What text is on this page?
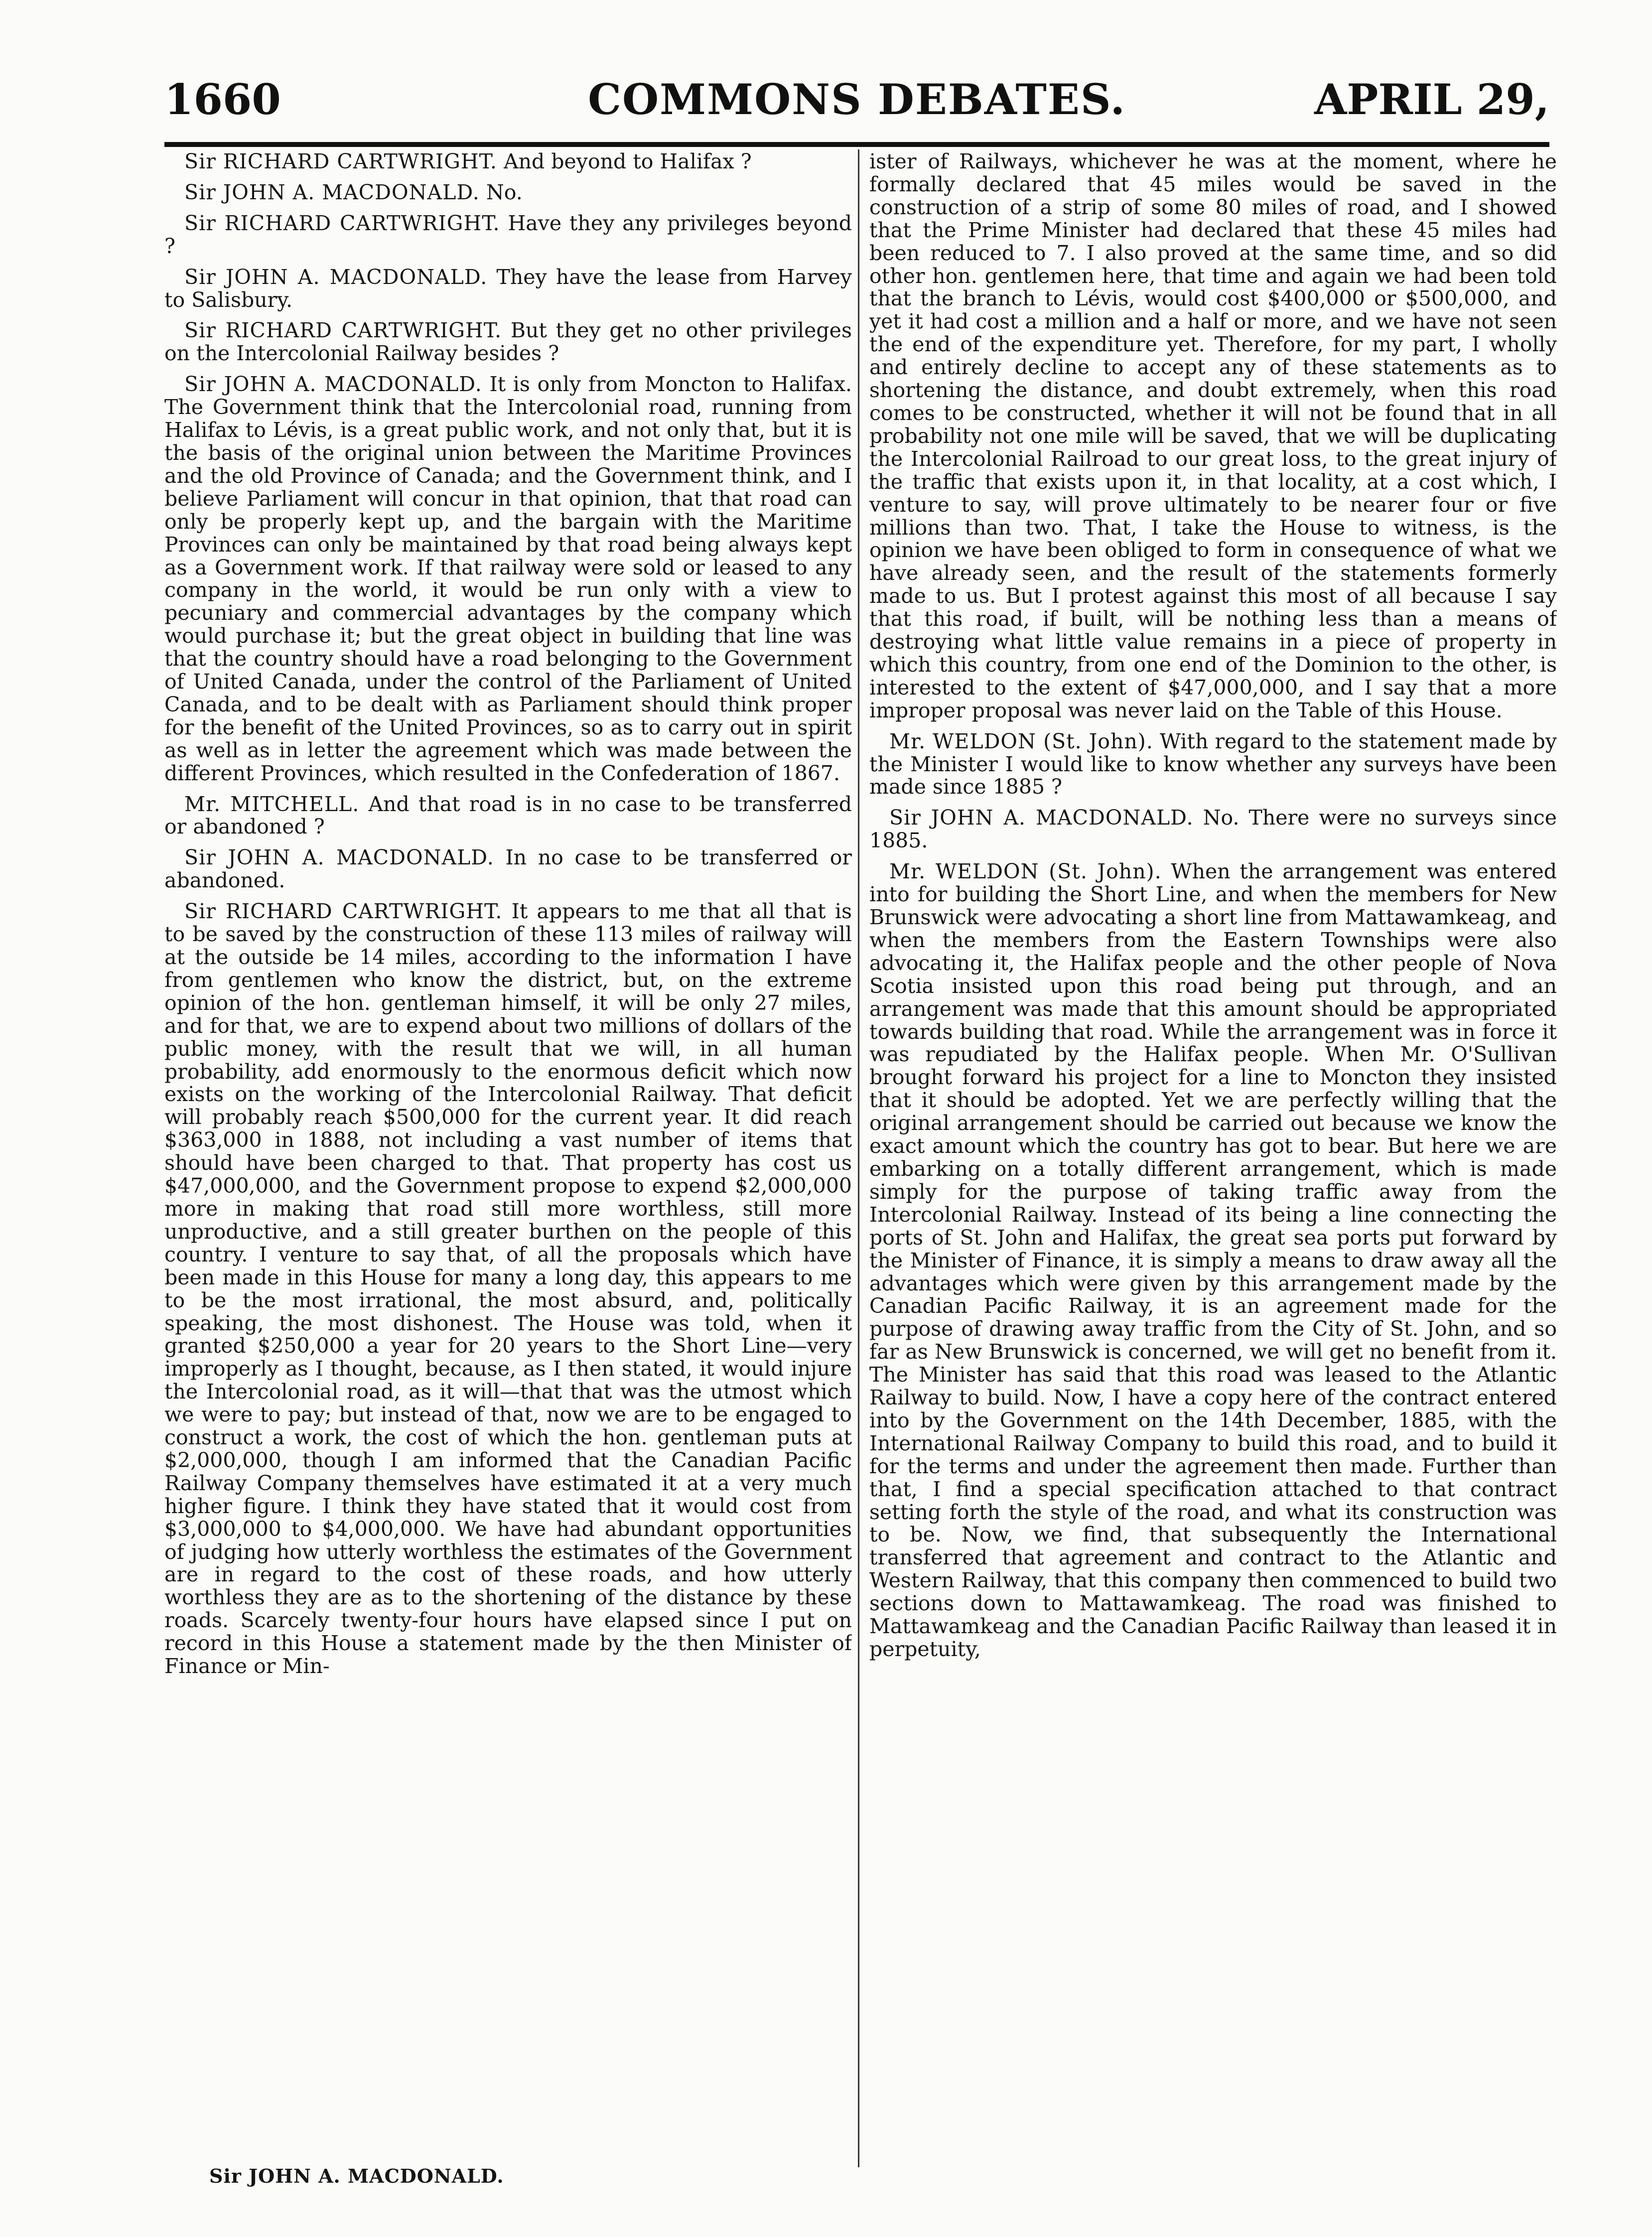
1660	COMMONS DEBATES.	APRIL 29,

Sir RICHARD CARTWRIGHT. And beyond to Halifax ?

Sir JOHN A. MACDONALD. No.

Sir RICHARD CARTWRIGHT. Have they any privileges beyond ?

Sir JOHN A. MACDONALD. They have the lease from Harvey to Salisbury.

Sir RICHARD CARTWRIGHT. But they get no other privileges on the Intercolonial Railway besides ?

Sir JOHN A. MACDONALD. It is only from Moncton to Halifax. The Government think that the Intercolonial road, running from Halifax to Lévis, is a great public work, and not only that, but it is the basis of the original union between the Maritime Provinces and the old Province of Canada; and the Government think, and I believe Parliament will concur in that opinion, that that road can only be properly kept up, and the bargain with the Maritime Provinces can only be maintained by that road being always kept as a Government work. If that railway were sold or leased to any company in the world, it would be run only with a view to pecuniary and commercial advantages by the company which would purchase it; but the great object in building that line was that the country should have a road belonging to the Government of United Canada, under the control of the Parliament of United Canada, and to be dealt with as Parliament should think proper for the benefit of the United Provinces, so as to carry out in spirit as well as in letter the agreement which was made between the different Provinces, which resulted in the Confederation of 1867.

Mr. MITCHELL. And that road is in no case to be transferred or abandoned ?

Sir JOHN A. MACDONALD. In no case to be transferred or abandoned.

Sir RICHARD CARTWRIGHT. It appears to me that all that is to be saved by the construction of these 113 miles of railway will at the outside be 14 miles, according to the information I have from gentlemen who know the district, but, on the extreme opinion of the hon. gentleman himself, it will be only 27 miles, and for that, we are to expend about two millions of dollars of the public money, with the result that we will, in all human probability, add enormously to the enormous deficit which now exists on the working of the Intercolonial Railway. That deficit will probably reach $500,000 for the current year. It did reach $363,000 in 1888, not including a vast number of items that should have been charged to that. That property has cost us $47,000,000, and the Government propose to expend $2,000,000 more in making that road still more worthless, still more unproductive, and a still greater burthen on the people of this country. I venture to say that, of all the proposals which have been made in this House for many a long day, this appears to me to be the most irrational, the most absurd, and, politically speaking, the most dishonest. The House was told, when it granted $250,000 a year for 20 years to the Short Line—very improperly as I thought, because, as I then stated, it would injure the Intercolonial road, as it will—that that was the utmost which we were to pay; but instead of that, now we are to be engaged to construct a work, the cost of which the hon. gentleman puts at $2,000,000, though I am informed that the Canadian Pacific Railway Company themselves have estimated it at a very much higher figure. I think they have stated that it would cost from $3,000,000 to $4,000,000. We have had abundant opportunities of judging how utterly worthless the estimates of the Government are in regard to the cost of these roads, and how utterly worthless they are as to the shortening of the distance by these roads. Scarcely twenty-four hours have elapsed since I put on record in this House a statement made by the then Minister of Finance or Min-

ister of Railways, whichever he was at the moment, where he formally declared that 45 miles would be saved in the construction of a strip of some 80 miles of road, and I showed that the Prime Minister had declared that these 45 miles had been reduced to 7. I also proved at the same time, and so did other hon. gentlemen here, that time and again we had been told that the branch to Lévis, would cost $400,000 or $500,000, and yet it had cost a million and a half or more, and we have not seen the end of the expenditure yet. Therefore, for my part, I wholly and entirely decline to accept any of these statements as to shortening the distance, and doubt extremely, when this road comes to be constructed, whether it will not be found that in all probability not one mile will be saved, that we will be duplicating the Intercolonial Railroad to our great loss, to the great injury of the traffic that exists upon it, in that locality, at a cost which, I venture to say, will prove ultimately to be nearer four or five millions than two. That, I take the House to witness, is the opinion we have been obliged to form in consequence of what we have already seen, and the result of the statements formerly made to us. But I protest against this most of all because I say that this road, if built, will be nothing less than a means of destroying what little value remains in a piece of property in which this country, from one end of the Dominion to the other, is interested to the extent of $47,000,000, and I say that a more improper proposal was never laid on the Table of this House.

Mr. WELDON (St. John). With regard to the statement made by the Minister I would like to know whether any surveys have been made since 1885 ?

Sir JOHN A. MACDONALD. No. There were no surveys since 1885.

Mr. WELDON (St. John). When the arrangement was entered into for building the Short Line, and when the members for New Brunswick were advocating a short line from Mattawamkeag, and when the members from the Eastern Townships were also advocating it, the Halifax people and the other people of Nova Scotia insisted upon this road being put through, and an arrangement was made that this amount should be appropriated towards building that road. While the arrangement was in force it was repudiated by the Halifax people. When Mr. O'Sullivan brought forward his project for a line to Moncton they insisted that it should be adopted. Yet we are perfectly willing that the original arrangement should be carried out because we know the exact amount which the country has got to bear. But here we are embarking on a totally different arrangement, which is made simply for the purpose of taking traffic away from the Intercolonial Railway. Instead of its being a line connecting the ports of St. John and Halifax, the great sea ports put forward by the Minister of Finance, it is simply a means to draw away all the advantages which were given by this arrangement made by the Canadian Pacific Railway, it is an agreement made for the purpose of drawing away traffic from the City of St. John, and so far as New Brunswick is concerned, we will get no benefit from it. The Minister has said that this road was leased to the Atlantic Railway to build. Now, I have a copy here of the contract entered into by the Government on the 14th December, 1885, with the International Railway Company to build this road, and to build it for the terms and under the agreement then made. Further than that, I find a special specification attached to that contract setting forth the style of the road, and what its construction was to be. Now, we find, that subsequently the International transferred that agreement and contract to the Atlantic and Western Railway, that this company then commenced to build two sections down to Mattawamkeag. The road was finished to Mattawamkeag and the Canadian Pacific Railway than leased it in perpetuity,

Sir JOHN A. MACDONALD.
